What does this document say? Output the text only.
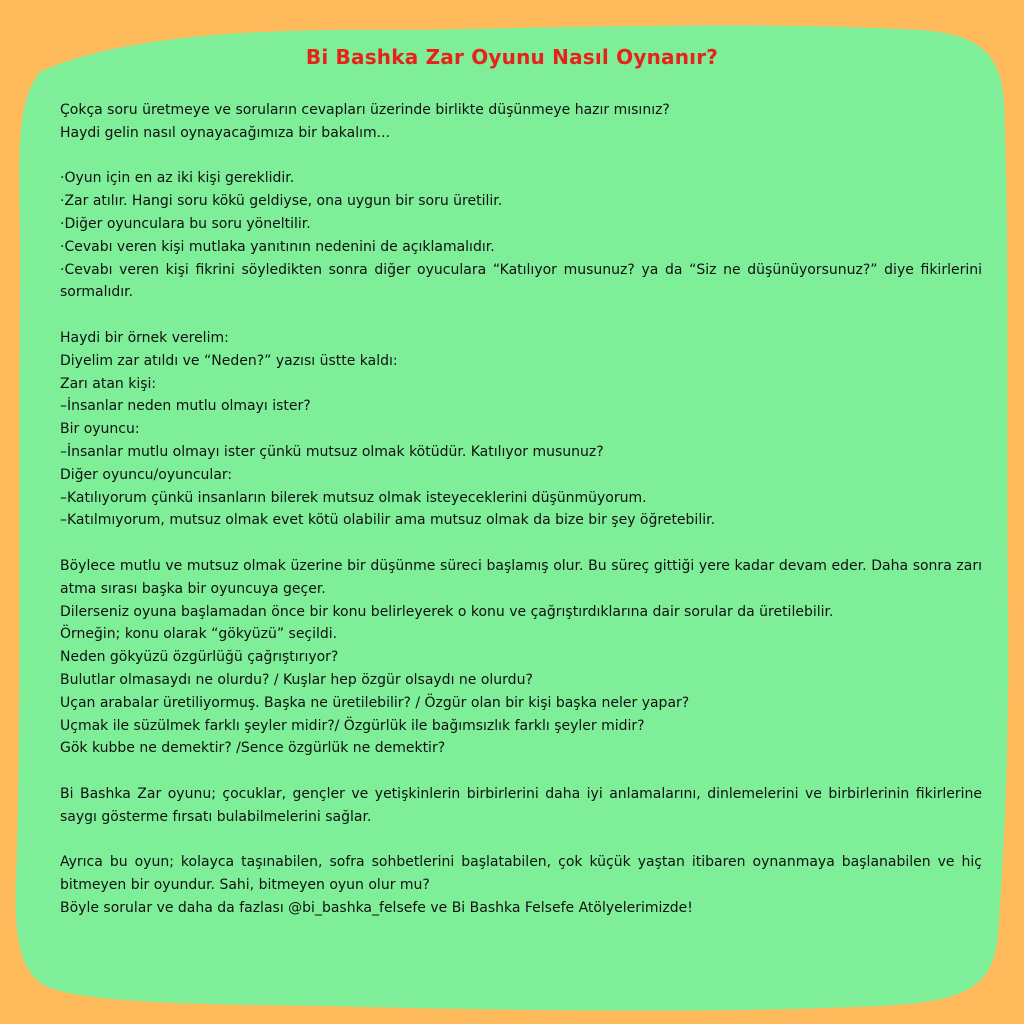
Bi Bashka Zar Oyunu Nasıl Oynanır?

Çokça soru üretmeye ve soruların cevapları üzerinde birlikte düşünmeye hazır mısınız?

Haydi gelin nasıl oynayacağımıza bir bakalım...

·Oyun için en az iki kişi gereklidir.

·Zar atılır. Hangi soru kökü geldiyse, ona uygun bir soru üretilir.

·Diğer oyunculara bu soru yöneltilir.

·Cevabı veren kişi mutlaka yanıtının nedenini de açıklamalıdır.

·Cevabı veren kişi fikrini söyledikten sonra diğer oyuculara “Katılıyor musunuz? ya da “Siz ne düşünüyorsunuz?” diye fikirlerini sormalıdır.

Haydi bir örnek verelim:

Diyelim zar atıldı ve “Neden?” yazısı üstte kaldı:

Zarı atan kişi:

–İnsanlar neden mutlu olmayı ister?

Bir oyuncu:

–İnsanlar mutlu olmayı ister çünkü mutsuz olmak kötüdür. Katılıyor musunuz?

Diğer oyuncu/oyuncular:

–Katılıyorum çünkü insanların bilerek mutsuz olmak isteyeceklerini düşünmüyorum.

–Katılmıyorum, mutsuz olmak evet kötü olabilir ama mutsuz olmak da bize bir şey öğretebilir.

Böylece mutlu ve mutsuz olmak üzerine bir düşünme süreci başlamış olur. Bu süreç gittiği yere kadar devam eder. Daha sonra zarı atma sırası başka bir oyuncuya geçer.

Dilerseniz oyuna başlamadan önce bir konu belirleyerek o konu ve çağrıştırdıklarına dair sorular da üretilebilir.

Örneğin; konu olarak “gökyüzü” seçildi.

Neden gökyüzü özgürlüğü çağrıştırıyor?

Bulutlar olmasaydı ne olurdu? / Kuşlar hep özgür olsaydı ne olurdu?

Uçan arabalar üretiliyormuş. Başka ne üretilebilir? / Özgür olan bir kişi başka neler yapar?

Uçmak ile süzülmek farklı şeyler midir?/ Özgürlük ile bağımsızlık farklı şeyler midir?

Gök kubbe ne demektir? /Sence özgürlük ne demektir?

Bi Bashka Zar oyunu; çocuklar, gençler ve yetişkinlerin birbirlerini daha iyi anlamalarını, dinlemelerini ve birbirlerinin fikirlerine saygı gösterme fırsatı bulabilmelerini sağlar.

Ayrıca bu oyun; kolayca taşınabilen, sofra sohbetlerini başlatabilen, çok küçük yaştan itibaren oynanmaya başlanabilen ve hiç bitmeyen bir oyundur. Sahi, bitmeyen oyun olur mu?

Böyle sorular ve daha da fazlası @bi_bashka_felsefe ve Bi Bashka Felsefe Atölyelerimizde!
